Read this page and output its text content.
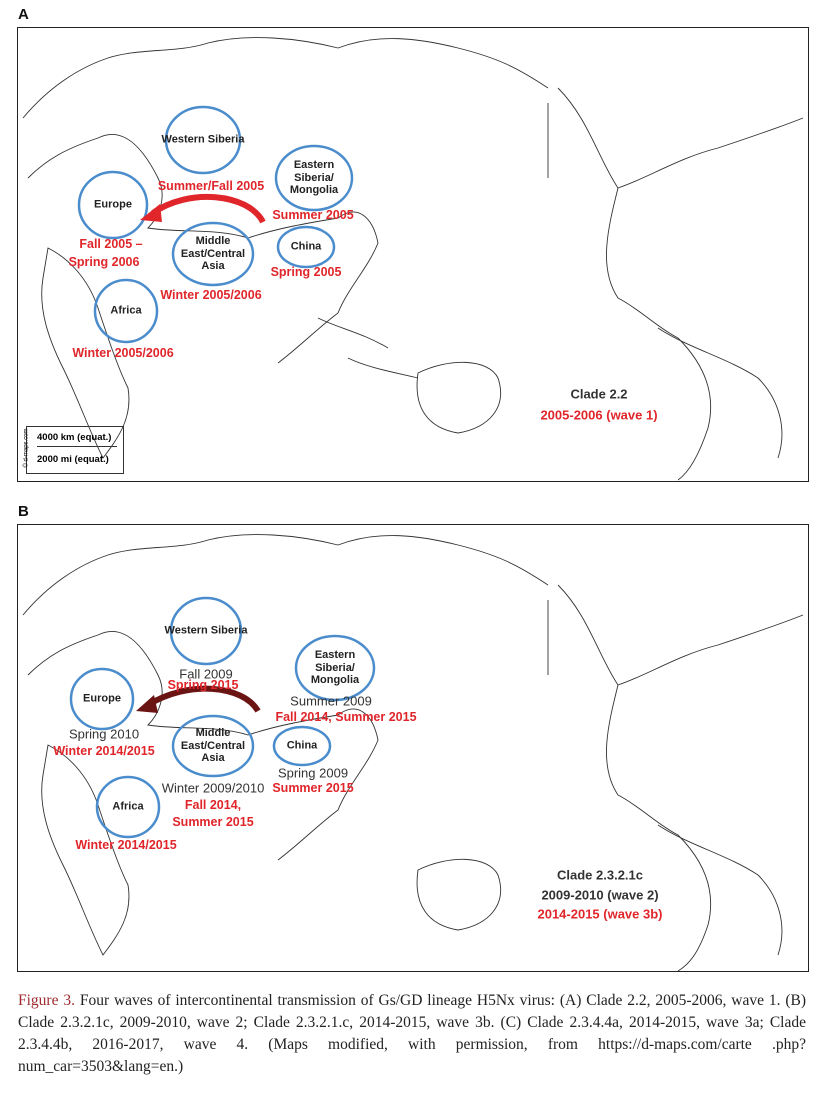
A
Western Siberia
Eastern Siberia/ Mongolia
Europe
China
Middle East/Central Asia
Africa
Summer/Fall 2005
Summer 2005
Fall 2005 –
Spring 2006
Spring 2005
Winter 2005/2006
Winter 2005/2006
Clade 2.2
2005-2006 (wave 1)
4000 km (equat.)
2000 mi (equat.)
© d-maps.com
B
Western Siberia
Eastern Siberia/ Mongolia
Europe
China
Middle East/Central Asia
Africa
Fall 2009
Spring 2015
Summer 2009
Fall 2014, Summer 2015
Spring 2010
Winter 2014/2015
Spring 2009
Winter 2009/2010 Summer 2015
Fall 2014,
Summer 2015
Winter 2014/2015
Clade 2.3.2.1c
2009-2010 (wave 2)
2014-2015 (wave 3b)
Figure 3. Four waves of intercontinental transmission of Gs/GD lineage H5Nx virus: (A) Clade 2.2, 2005-2006, wave 1. (B) Clade 2.3.2.1c, 2009-2010, wave 2; Clade 2.3.2.1.c, 2014-2015, wave 3b. (C) Clade 2.3.4.4a, 2014-2015, wave 3a; Clade 2.3.4.4b, 2016-2017, wave 4. (Maps modified, with permission, from https://d-maps.com/carte .php?num_car=3503&lang=en.)
